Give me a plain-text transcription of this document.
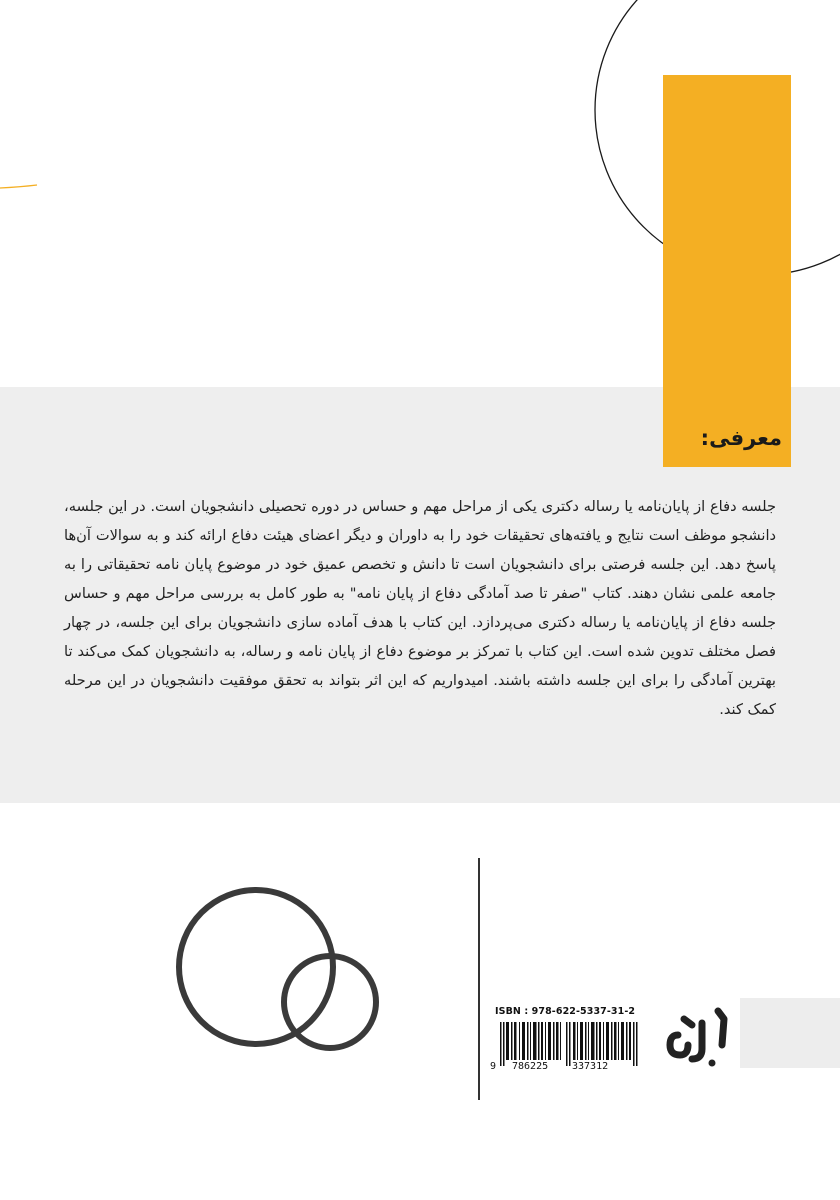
معرفی:

جلسه دفاع از پایان‌نامه یا رساله دکتری یکی از مراحل مهم و حساس در دوره تحصیلی دانشجویان است. در این جلسه، دانشجو موظف است نتایج و یافته‌های تحقیقات خود را به داوران و دیگر اعضای هیئت دفاع ارائه کند و به سوالات آن‌ها پاسخ دهد. این جلسه فرصتی برای دانشجویان است تا دانش و تخصص عمیق خود در موضوع پایان نامه تحقیقاتی را به جامعه علمی نشان دهند. کتاب "صفر تا صد آمادگی دفاع از پایان نامه" به طور کامل به بررسی مراحل مهم و حساس جلسه دفاع از پایان‌نامه یا رساله دکتری می‌پردازد. این کتاب با هدف آماده سازی دانشجویان برای این جلسه، در چهار فصل مختلف تدوین شده است. این کتاب با تمرکز بر موضوع دفاع از پایان نامه و رساله، به دانشجویان کمک می‌کند تا بهترین آمادگی را برای این جلسه داشته باشند. امیدواریم که این اثر بتواند به تحقق موفقیت دانشجویان در این مرحله کمک کند.

ISBN : 978-622-5337-31-2
9 786225 337312
